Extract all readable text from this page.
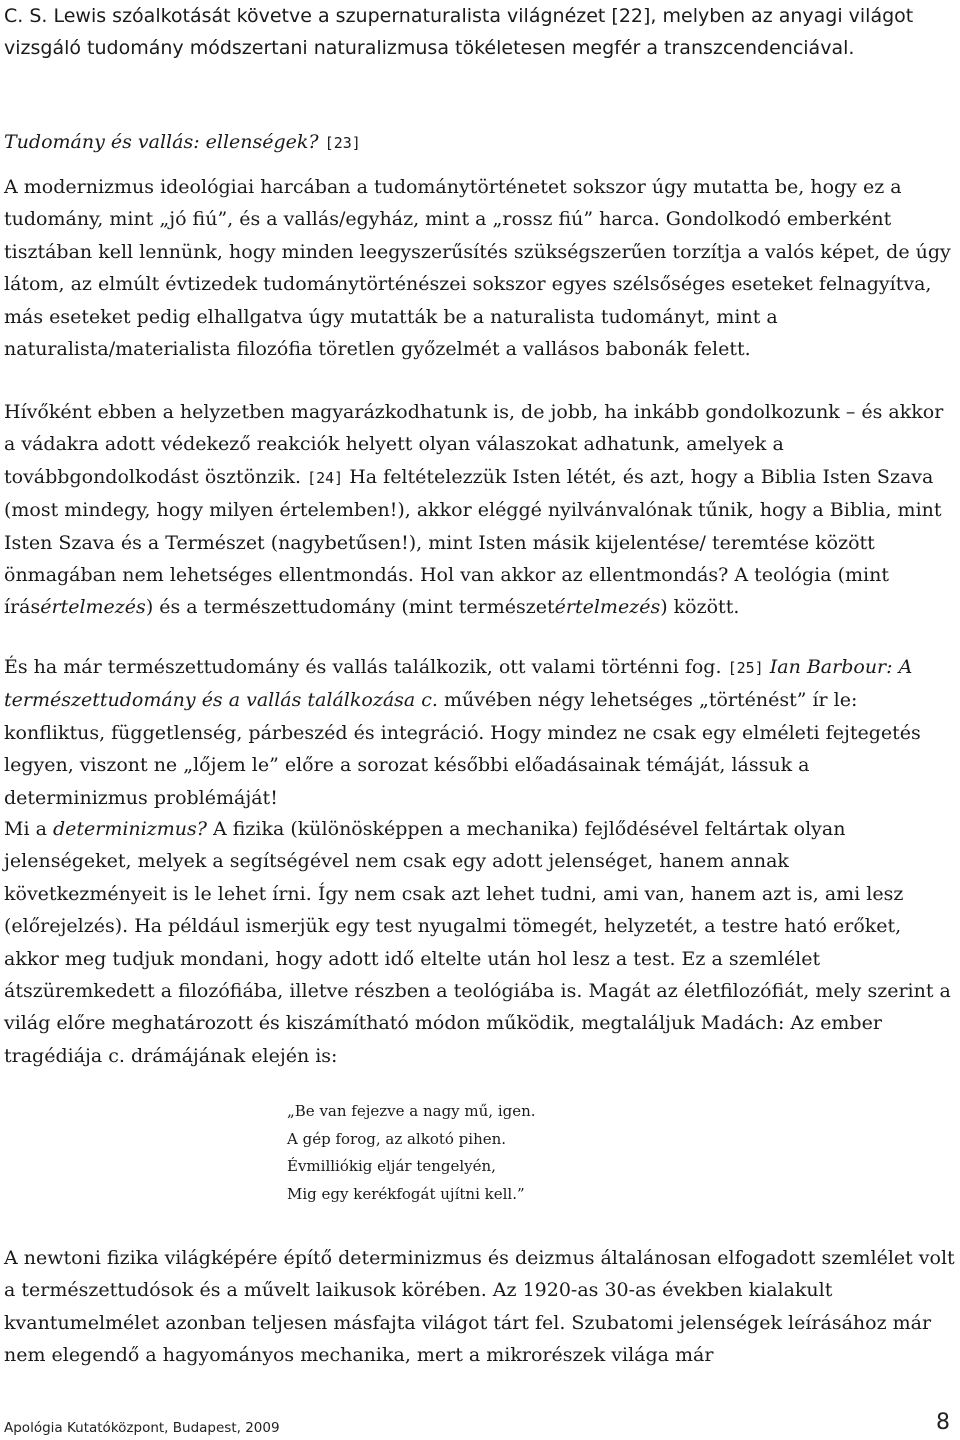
C. S. Lewis szóalkotását követve a szupernaturalista világnézet [22], melyben az anyagi világot vizsgáló tudomány módszertani naturalizmusa tökéletesen megfér a transzcendenciával.

Tudomány és vallás: ellenségek? [23]

A modernizmus ideológiai harcában a tudománytörténetet sokszor úgy mutatta be, hogy ez a tudomány, mint „jó fiú”, és a vallás/egyház, mint a „rossz fiú” harca. Gondolkodó emberként tisztában kell lennünk, hogy minden leegyszerűsítés szükségszerűen torzítja a valós képet, de úgy látom, az elmúlt évtizedek tudománytörténészei sokszor egyes szélsőséges eseteket felnagyítva, más eseteket pedig elhallgatva úgy mutatták be a naturalista tudományt, mint a naturalista/materialista filozófia töretlen győzelmét a vallásos babonák felett.

Hívőként ebben a helyzetben magyarázkodhatunk is, de jobb, ha inkább gondolkozunk – és akkor a vádakra adott védekező reakciók helyett olyan válaszokat adhatunk, amelyek a továbbgondolkodást ösztönzik. [24] Ha feltételezzük Isten létét, és azt, hogy a Biblia Isten Szava (most mindegy, hogy milyen értelemben!), akkor eléggé nyilvánvalónak tűnik, hogy a Biblia, mint Isten Szava és a Természet (nagybetűsen!), mint Isten másik kijelentése/ teremtése között önmagában nem lehetséges ellentmondás. Hol van akkor az ellentmondás? A teológia (mint írásértelmezés) és a természettudomány (mint természetértelmezés) között.

És ha már természettudomány és vallás találkozik, ott valami történni fog. [25] Ian Barbour: A természettudomány és a vallás találkozása c. művében négy lehetséges „történést” ír le: konfliktus, függetlenség, párbeszéd és integráció. Hogy mindez ne csak egy elméleti fejtegetés legyen, viszont ne „lőjem le” előre a sorozat későbbi előadásainak témáját, lássuk a determinizmus problémáját!

Mi a determinizmus? A fizika (különösképpen a mechanika) fejlődésével feltártak olyan jelenségeket, melyek a segítségével nem csak egy adott jelenséget, hanem annak következményeit is le lehet írni. Így nem csak azt lehet tudni, ami van, hanem azt is, ami lesz (előrejelzés). Ha például ismerjük egy test nyugalmi tömegét, helyzetét, a testre ható erőket, akkor meg tudjuk mondani, hogy adott idő eltelte után hol lesz a test. Ez a szemlélet átszüremkedett a filozófiába, illetve részben a teológiába is. Magát az életfilozófiát, mely szerint a világ előre meghatározott és kiszámítható módon működik, megtaláljuk Madách: Az ember tragédiája c. drámájának elején is:

„Be van fejezve a nagy mű, igen.
A gép forog, az alkotó pihen.
Évmilliókig eljár tengelyén,
Mig egy kerékfogát ujítni kell.”

A newtoni fizika világképére építő determinizmus és deizmus általánosan elfogadott szemlélet volt a természettudósok és a művelt laikusok körében. Az 1920-as 30-as években kialakult kvantumelmélet azonban teljesen másfajta világot tárt fel. Szubatomi jelenségek leírásához már nem elegendő a hagyományos mechanika, mert a mikrorészek világa már

Apológia Kutatóközpont, Budapest, 2009	8
